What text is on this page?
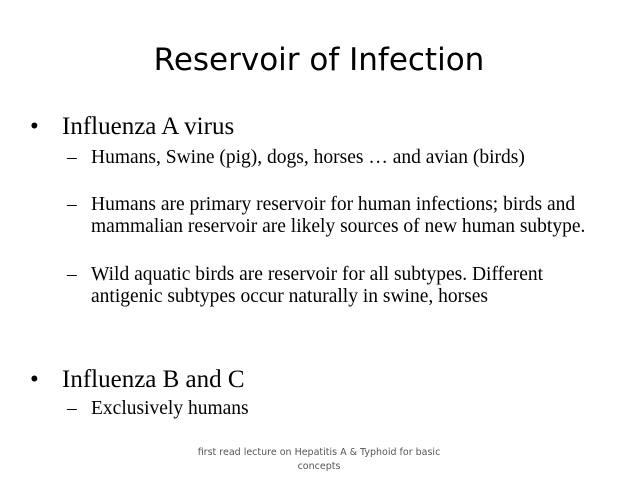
Reservoir of Infection
• Influenza A virus
– Humans, Swine (pig), dogs, horses … and avian (birds)
– Humans are primary reservoir for human infections; birds and mammalian reservoir are likely sources of new human subtype.
– Wild aquatic birds are reservoir for all subtypes. Different antigenic subtypes occur naturally in swine, horses
• Influenza B and C
– Exclusively humans
first read lecture on Hepatitis A & Typhoid for basic concepts
